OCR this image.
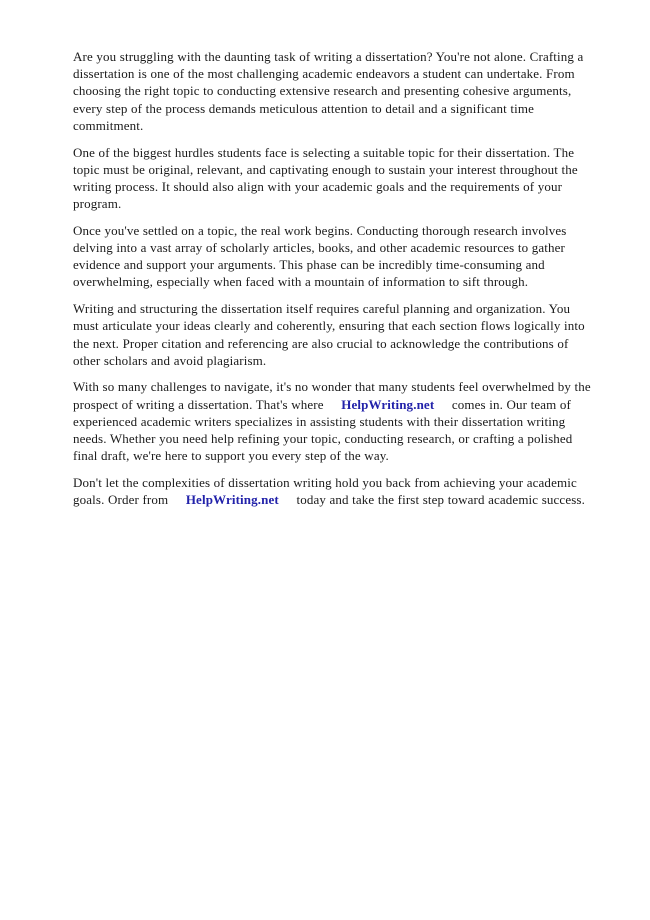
Are you struggling with the daunting task of writing a dissertation? You're not alone. Crafting a dissertation is one of the most challenging academic endeavors a student can undertake. From choosing the right topic to conducting extensive research and presenting cohesive arguments, every step of the process demands meticulous attention to detail and a significant time commitment.

One of the biggest hurdles students face is selecting a suitable topic for their dissertation. The topic must be original, relevant, and captivating enough to sustain your interest throughout the writing process. It should also align with your academic goals and the requirements of your program.

Once you've settled on a topic, the real work begins. Conducting thorough research involves delving into a vast array of scholarly articles, books, and other academic resources to gather evidence and support your arguments. This phase can be incredibly time-consuming and overwhelming, especially when faced with a mountain of information to sift through.

Writing and structuring the dissertation itself requires careful planning and organization. You must articulate your ideas clearly and coherently, ensuring that each section flows logically into the next. Proper citation and referencing are also crucial to acknowledge the contributions of other scholars and avoid plagiarism.

With so many challenges to navigate, it's no wonder that many students feel overwhelmed by the prospect of writing a dissertation. That's where HelpWriting.net comes in. Our team of experienced academic writers specializes in assisting students with their dissertation writing needs. Whether you need help refining your topic, conducting research, or crafting a polished final draft, we're here to support you every step of the way.

Don't let the complexities of dissertation writing hold you back from achieving your academic goals. Order from HelpWriting.net today and take the first step toward academic success.
